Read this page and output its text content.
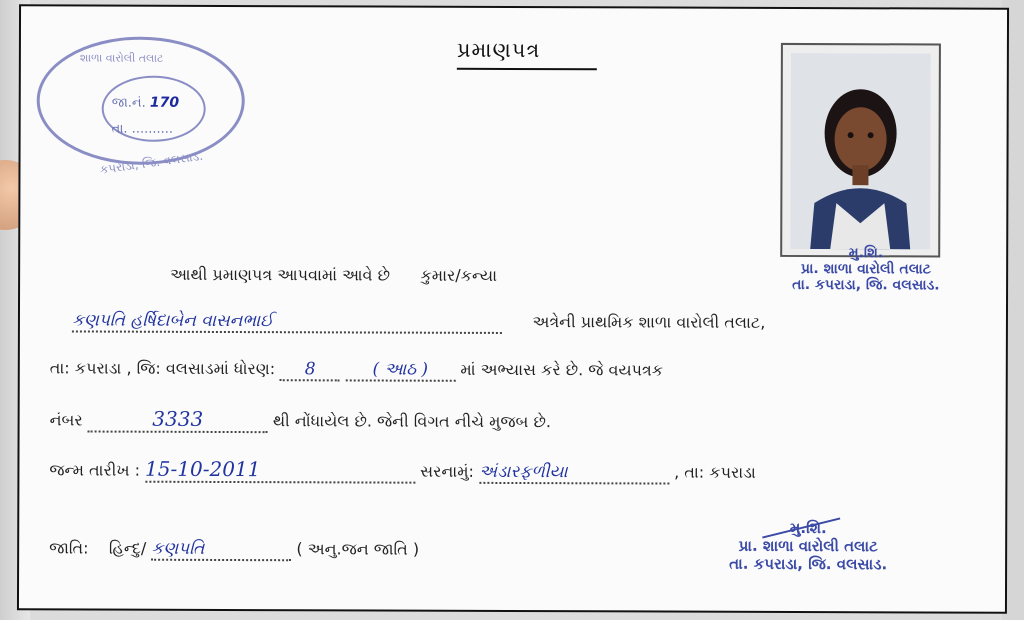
પ્રમાણપત્ર
શાળા વારોલી તલાટ
જા.નં. 170
તા. ..........
કપરાડા, જિ. વલસાડ.
મુ.શિ.
પ્રા. શાળા વારોલી તલાટ
તા. કપરાડા, જિ. વલસાડ.
આથી પ્રમાણપત્ર આપવામાં આવે છે કુમાર/કન્યા
કણપતિ હર્ષિદાબેન વાસનભાઈ	અત્રેની પ્રાથમિક શાળા વારોલી તલાટ,
તા: કપરાડા , જિ: વલસાડમાં ધોરણ: 8	( આઠ ) માં અભ્યાસ કરે છે. જે વયપત્રક
નંબર	3333	થી નોંધાયેલ છે. જેની વિગત નીચે મુજબ છે.
જન્મ તારીખ : 15-10-2011	સરનામું: અંડારફળીયા	, તા: કપરાડા
જાતિ: હિન્દુ/ કણપતિ	( અનુ.જન જાતિ )
મુ.શિ.
પ્રા. શાળા વારોલી તલાટ
તા. કપરાડા, જિ. વલસાડ.
